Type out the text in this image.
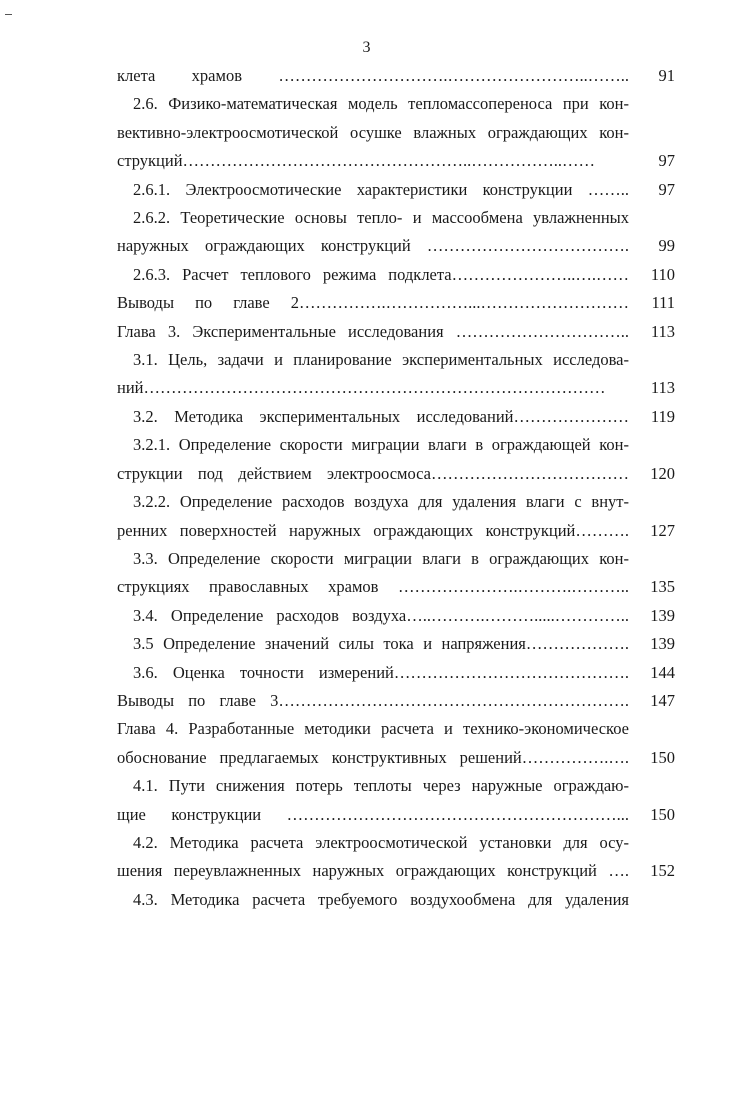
3
клета храмов ………………………….……………………..……..	91
2.6. Физико-математическая модель тепломассопереноса при кон-
вективно-электроосмотической осушке влажных ограждающих кон-
струкций……………………………………………..……………..……	97
2.6.1. Электроосмотические характеристики конструкции ……..	97
2.6.2. Теоретические основы тепло- и массообмена увлажненных
наружных ограждающих конструкций ……………………………….	99
2.6.3. Расчет теплового режима подклета…………………..….……	110
Выводы по главе 2…………….……………...………………………	111
Глава 3. Экспериментальные исследования …………………………..	113
3.1. Цель, задачи и планирование экспериментальных исследова-
ний…………………………………………………………………………	113
3.2. Методика экспериментальных исследований…………………	119
3.2.1. Определение скорости миграции влаги в ограждающей кон-
струкции под действием электроосмоса………………………………	120
3.2.2. Определение расходов воздуха для удаления влаги с внут-
ренних поверхностей наружных ограждающих конструкций……….	127
3.3. Определение скорости миграции влаги в ограждающих кон-
струкциях православных храмов ………………….……….………..	135
3.4. Определение расходов воздуха…..……….……….....…………..	139
3.5 Определение значений силы тока и напряжения……………….	139
3.6. Оценка точности измерений…………………………………….	144
Выводы по главе 3……………………………………………………….	147
Глава 4. Разработанные методики расчета и технико-экономическое
обоснование предлагаемых конструктивных решений…………….….	150
4.1. Пути снижения потерь теплоты через наружные ограждаю-
щие конструкции ……………………………………………………...	150
4.2. Методика расчета электроосмотической установки для осу-
шения переувлажненных наружных ограждающих конструкций ….	152
4.3. Методика расчета требуемого воздухообмена для удаления
